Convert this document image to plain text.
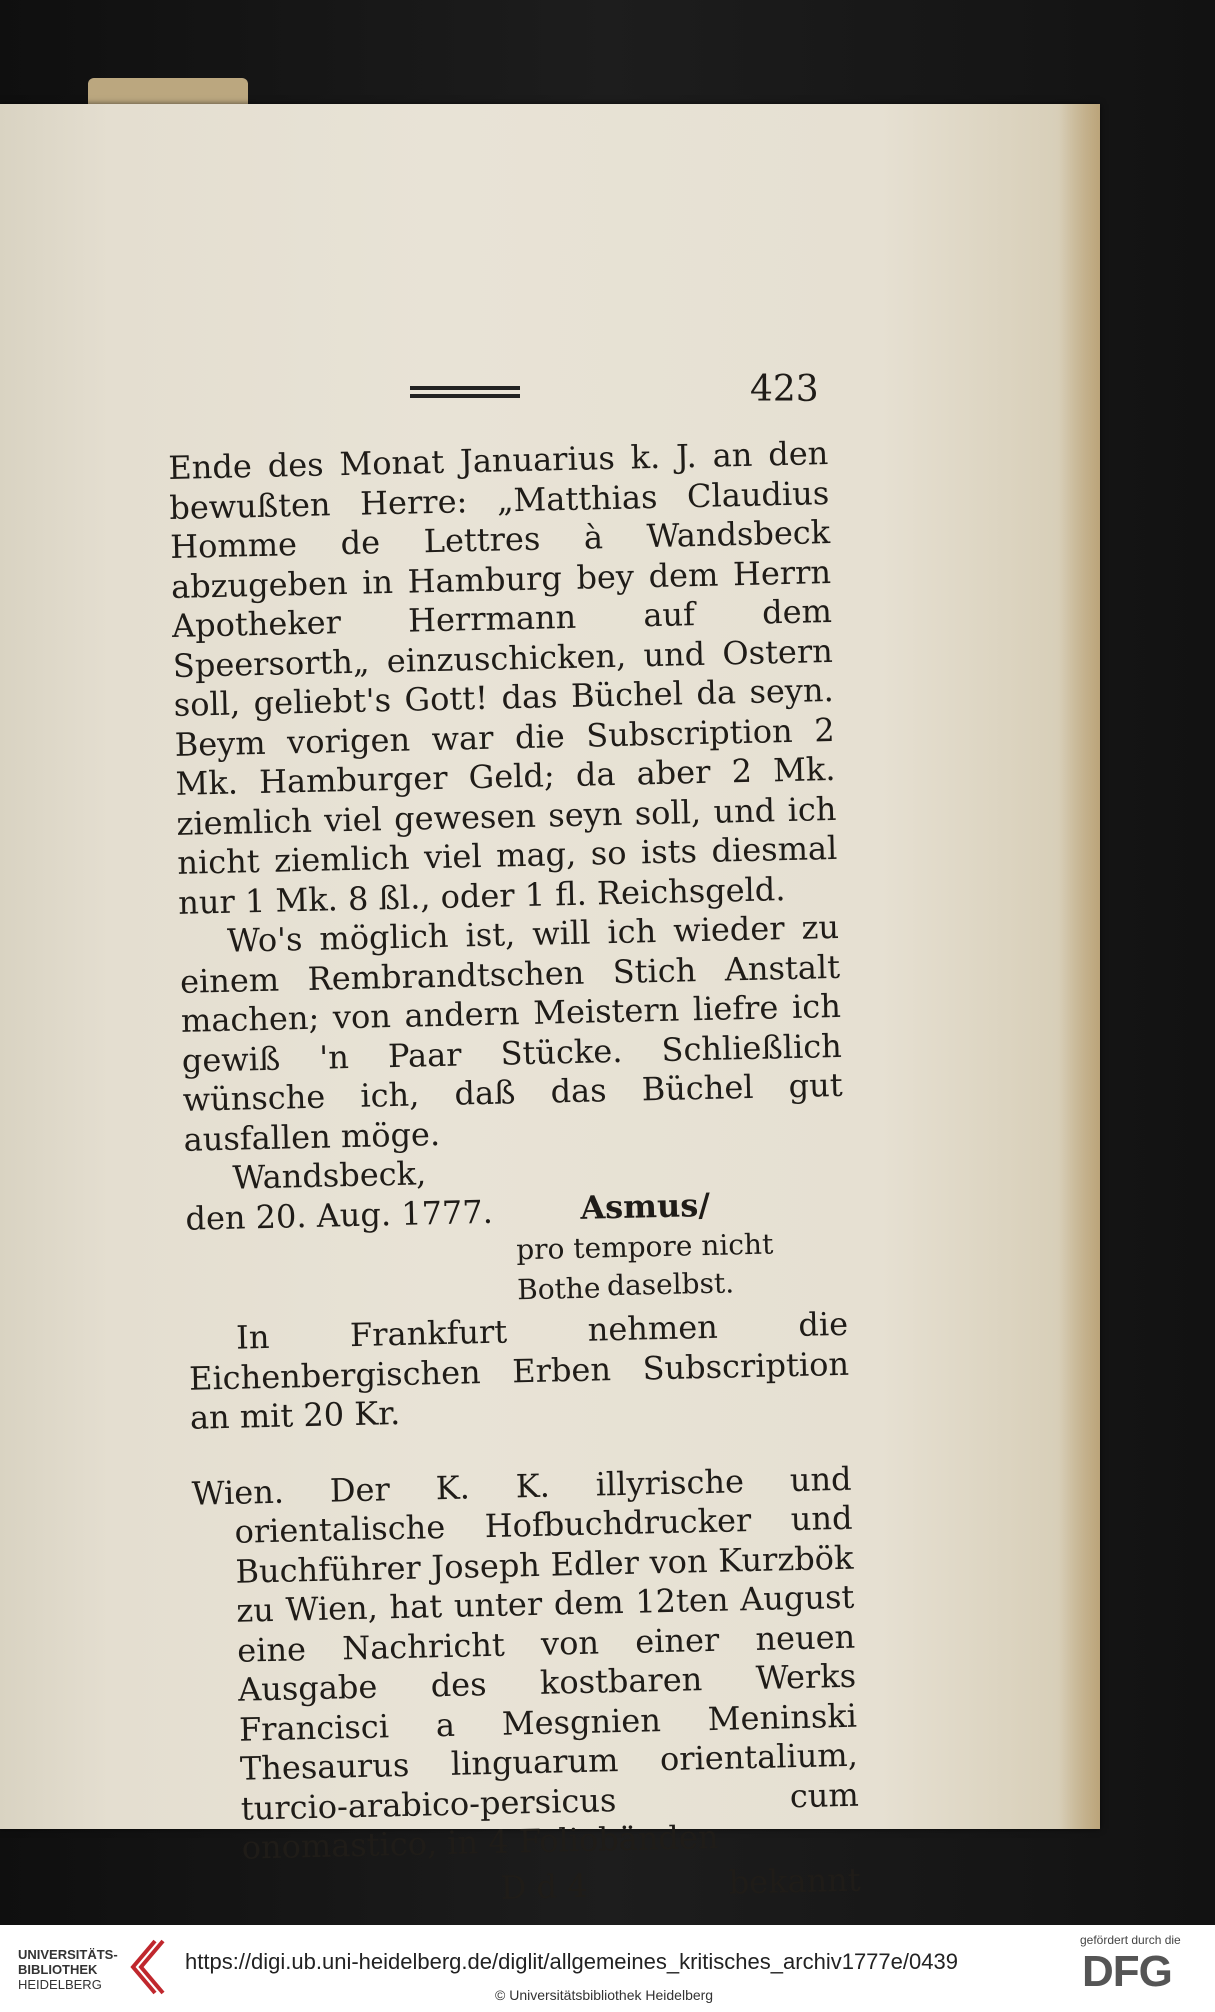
423

Ende des Monat Januarius k. J. an den bewußten Herre: „Matthias Claudius Homme de Lettres à Wandsbeck abzugeben in Hamburg bey dem Herrn Apotheker Herrmann auf dem Speersorth„ einzuschicken, und Ostern soll, geliebt's Gott! das Büchel da seyn. Beym vorigen war die Subscription 2 Mk. Hamburger Geld; da aber 2 Mk. ziemlich viel gewesen seyn soll, und ich nicht ziemlich viel mag, so ists diesmal nur 1 Mk. 8 ßl., oder 1 fl. Reichsgeld.

Wo's möglich ist, will ich wieder zu einem Rembrandtschen Stich Anstalt machen; von andern Meistern liefre ich gewiß 'n Paar Stücke. Schließlich wünsche ich, daß das Büchel gut ausfallen möge.

Wandsbeck,
den 20. Aug. 1777.	Asmus/
pro tempore nicht Bothe daselbst.

In Frankfurt nehmen die Eichenbergischen Erben Subscription an mit 20 Kr.

Wien. Der K. K. illyrische und orientalische Hofbuchdrucker und Buchführer Joseph Edler von Kurzbök zu Wien, hat unter dem 12ten August eine Nachricht von einer neuen Ausgabe des kostbaren Werks Francisci a Mesgnien Meninski Thesaurus linguarum orientalium, turcio-arabico-persicus cum onomastico, in 4 Foliobänden

D d 4	bekannt
UNIVERSITÄTS-
BIBLIOTHEK
HEIDELBERG
https://digi.ub.uni-heidelberg.de/diglit/allgemeines_kritisches_archiv1777e/0439
© Universitätsbibliothek Heidelberg
gefördert durch die
DFG
